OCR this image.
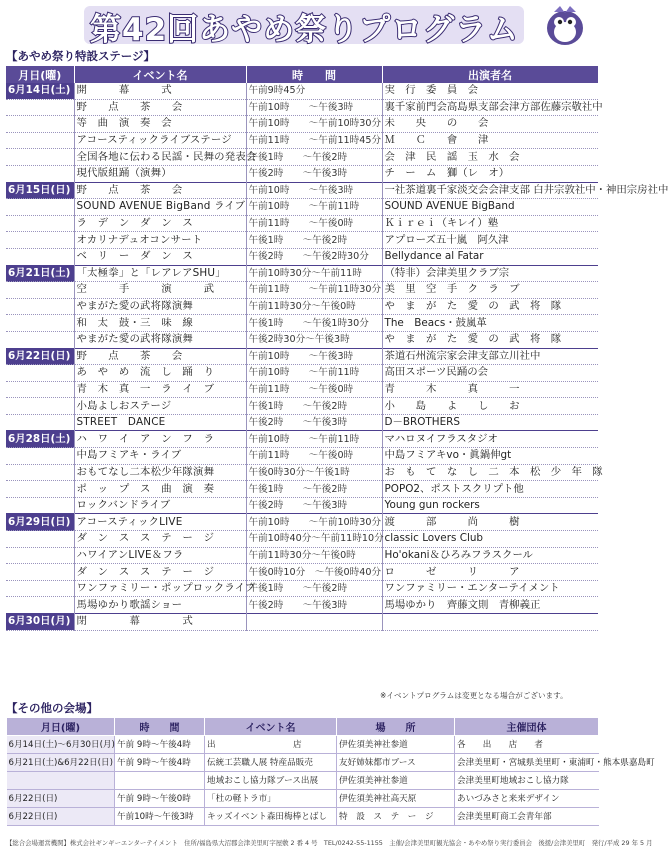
第42回あやめ祭りプログラム
【あやめ祭り特設ステージ】
月日(曜)	イベント名	時　　間	出演者名
6月14日(土)	開　　　幕　　　式	午前9時45分	実　行　委　員　会
	野　　点　　茶　　会	午前10時　　～午後3時	裏千家前門会高島県支部会津方部佐藤宗敬社中
	等　曲　演　奏　会	午前10時　　～午前10時30分	未　　央　　の　　会
	アコースティックライブステージ	午前11時　　～午前11時45分	Ｍ　　Ｃ　　會　　津
	全国各地に伝わる民謡・民舞の発表会	午後1時　　～午後2時	会　津　民　謡　玉　水　会
	現代版組踊（演舞）	午後2時　　～午後3時	チ　ー　ム　獅（レ　オ）
6月15日(日)	野　　点　　茶　　会	午前10時　　～午後3時	一社茶道裏千家淡交会会津支部 白井宗敦社中・神田宗房社中
	SOUND AVENUE BigBand ライブ	午前10時　　～午前11時	SOUND AVENUE BigBand
	ラ　デ　ン　ダ　ン　ス	午前11時　　～午後0時	Ｋｉｒｅｉ（キレイ）塾
	オカリナデュオコンサート	午後1時　　～午後2時	アプローズ五十嵐　阿久津
	ベ　リ　ー　ダ　ン　ス	午後2時　　～午後2時30分	Bellydance al Fatar
6月21日(土)	「太極拳」と「レアレアSHU」	午前10時30分～午前11時	（特非）会津美里クラブ宗
	空　　　手　　　演　　　武	午前11時　　～午前11時30分	美　里　空　手　ク　ラ　ブ
	やまがた愛の武将隊演舞	午前11時30分～午後0時	や　ま　が　た　愛　の　武　将　隊
	和　太　鼓・三　味　線	午後1時　　～午後1時30分	The　Beacs・鼓嵐革
	やまがた愛の武将隊演舞	午後2時30分～午後3時	や　ま　が　た　愛　の　武　将　隊
6月22日(日)	野　　点　　茶　　会	午前10時　　～午後3時	茶道石州流宗家会津支部立川社中
	あ　や　め　流　し　踊　り	午前10時　　～午前11時	高田スポーツ民踊の会
	青　木　真　一　ラ　イ　ブ	午前11時　　～午後0時	青　　　木　　　真　　　一
	小島よしおステージ	午後1時　　～午後2時	小　　島　　よ　　し　　お
	STREET　DANCE	午後2時　　～午後3時	D－BROTHERS
6月28日(土)	ハ　ワ　イ　ア　ン　フ　ラ	午前10時　　～午前11時	マハロヌイフラスタジオ
	中島フミアキ・ライブ	午前11時　　～午後0時	中島フミアキvo・眞鍋伸gt
	おもてなし二本松少年隊演舞	午後0時30分～午後1時	お　も　て　な　し　二　本　松　少　年　隊
	ポ　ッ　プ　ス　曲　演　奏	午後1時　　～午後2時	POPO2、ポストスクリプト他
	ロックバンドライブ	午後2時　　～午後3時	Young gun rockers
6月29日(日)	アコースティックLIVE	午前10時　　～午前10時30分	渡　　　部　　　尚　　　樹
	ダ　ン　ス　ス　テ　ー　ジ	午前10時40分～午前11時10分	classic Lovers Club
	ハワイアンLIVE＆フラ	午前11時30分～午後0時	Ho'okani＆ひろみフラスクール
	ダ　ン　ス　ス　テ　ー　ジ	午後0時10分　～午後0時40分	ロ　　　ゼ　　　リ　　　ア
	ワンファミリー・ポップロックライブ	午後1時　　～午後2時	ワンファミリー・エンターテイメント
	馬場ゆかり歌謡ショー	午後2時　　～午後3時	馬場ゆかり　齊藤文則　青柳義正
6月30日(月)	閉　　　　幕　　　　式		
※イベントプログラムは変更となる場合がございます。
【その他の会場】
月日(曜)	時　　間	イベント名	場　　所	主催団体
6月14日(土)～6月30日(月)	午前 9時～午後4時	出　　　　　　　　　店	伊佐須美神社参道	各　　出　　店　　者
6月21日(土)&6月22日(日)	午前 9時～午後4時	伝統工芸職人展 特産品販売	友好姉妹都市ブース	会津美里町・宮城県美里町・東浦町・熊本県嘉島町
		地域おこし協力隊ブース出展	伊佐須美神社参道	会津美里町地域おこし協力隊
6月22日(日)	午前 9時～午後0時	「杜の軽トラ市」	伊佐須美神社高天原	あいづみさと来来デザイン
6月22日(日)	午前10時～午後3時	キッズイベント森田梅棒とばし	特　設　ス　テ　ー　ジ	会津美里町商工会青年部
【総合会場運営機関】株式会社ギンギーエンターテイメント　住所/福島県大沼郡会津美里町字屋敷 2 番 4 号　TEL/0242-55-1155　主催/会津美里町観光協会・あやめ祭り実行委員会　後援/会津美里町　発行/平成 29 年 5 月
